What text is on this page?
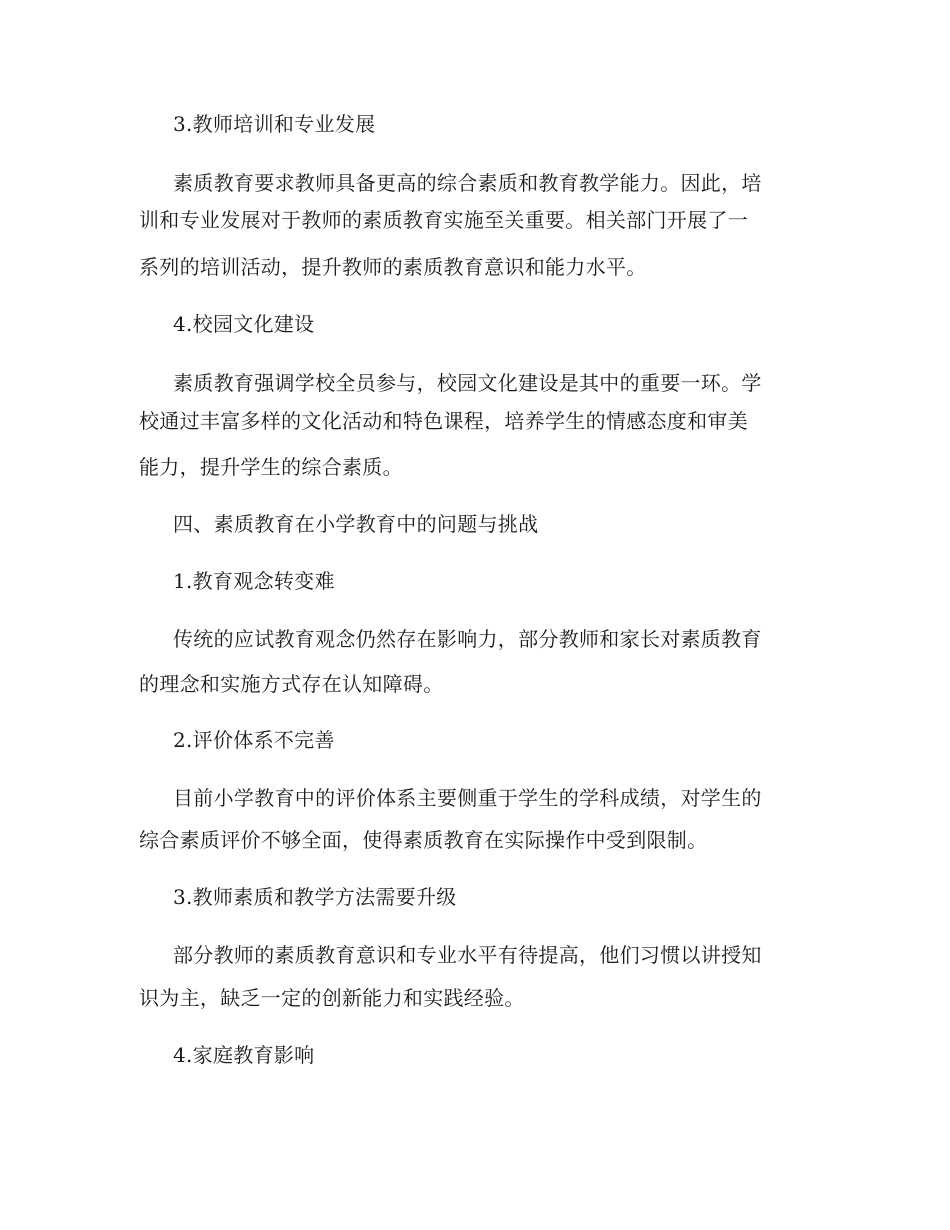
3.教师培训和专业发展
素质教育要求教师具备更高的综合素质和教育教学能力。因此，培
训和专业发展对于教师的素质教育实施至关重要。相关部门开展了一
系列的培训活动，提升教师的素质教育意识和能力水平。
4.校园文化建设
素质教育强调学校全员参与，校园文化建设是其中的重要一环。学
校通过丰富多样的文化活动和特色课程，培养学生的情感态度和审美
能力，提升学生的综合素质。
四、素质教育在小学教育中的问题与挑战
1.教育观念转变难
传统的应试教育观念仍然存在影响力，部分教师和家长对素质教育
的理念和实施方式存在认知障碍。
2.评价体系不完善
目前小学教育中的评价体系主要侧重于学生的学科成绩，对学生的
综合素质评价不够全面，使得素质教育在实际操作中受到限制。
3.教师素质和教学方法需要升级
部分教师的素质教育意识和专业水平有待提高，他们习惯以讲授知
识为主，缺乏一定的创新能力和实践经验。
4.家庭教育影响
